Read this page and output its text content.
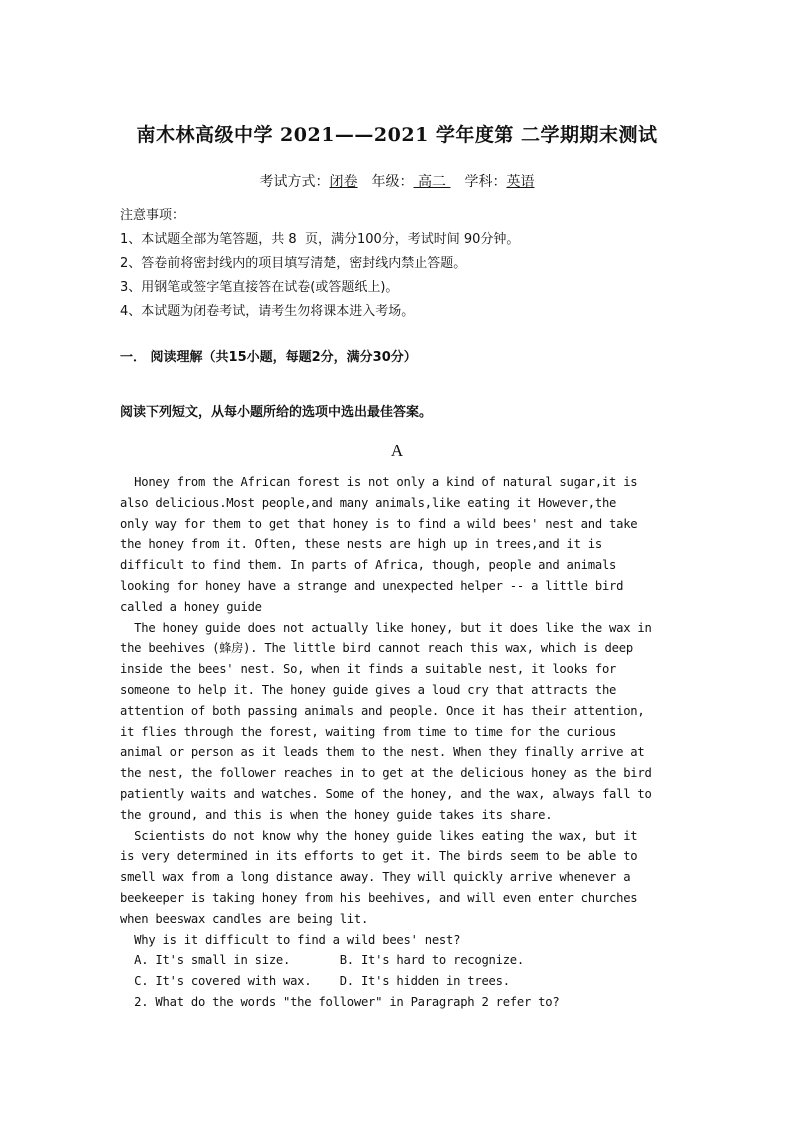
南木林高级中学 2021——2021 学年度第 二学期期末测试
考试方式：闭卷 年级： 高二 学科：英语
注意事项：
1、本试题全部为笔答题，共 8  页，满分100分，考试时间 90分钟。
2、答卷前将密封线内的项目填写清楚，密封线内禁止答题。
3、用钢笔或签字笔直接答在试卷(或答题纸上)。
4、本试题为闭卷考试，请考生勿将课本进入考场。
一． 阅读理解（共15小题，每题2分，满分30分）
阅读下列短文，从每小题所给的选项中选出最佳答案。
A
Honey from the African forest is not only a kind of natural sugar,it is
also delicious.Most people,and many animals,like eating it However,the
only way for them to get that honey is to find a wild bees' nest and take
the honey from it. Often, these nests are high up in trees,and it is
difficult to find them. In parts of Africa, though, people and animals
looking for honey have a strange and unexpected helper -- a little bird
called a honey guide
The honey guide does not actually like honey, but it does like the wax in
the beehives (蜂房). The little bird cannot reach this wax, which is deep
inside the bees' nest. So, when it finds a suitable nest, it looks for
someone to help it. The honey guide gives a loud cry that attracts the
attention of both passing animals and people. Once it has their attention,
it flies through the forest, waiting from time to time for the curious
animal or person as it leads them to the nest. When they finally arrive at
the nest, the follower reaches in to get at the delicious honey as the bird
patiently waits and watches. Some of the honey, and the wax, always fall to
the ground, and this is when the honey guide takes its share.
Scientists do not know why the honey guide likes eating the wax, but it
is very determined in its efforts to get it. The birds seem to be able to
smell wax from a long distance away. They will quickly arrive whenever a
beekeeper is taking honey from his beehives, and will even enter churches
when beeswax candles are being lit.
Why is it difficult to find a wild bees' nest?
A. It's small in size.       B. It's hard to recognize.
C. It's covered with wax.    D. It's hidden in trees.
2. What do the words "the follower" in Paragraph 2 refer to?
